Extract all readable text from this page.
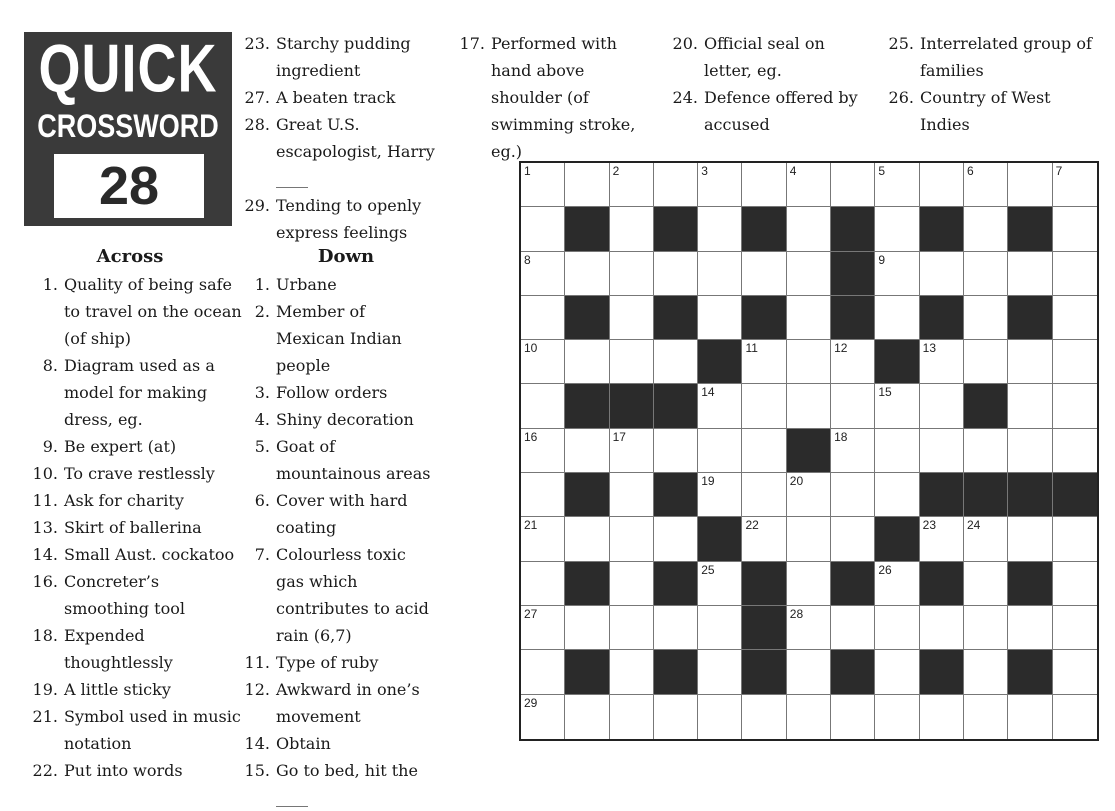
QUICK
CROSSWORD
28
Across	Down
1. Quality of being safe to travel on the ocean (of ship)
8. Diagram used as a model for making dress, eg.
9. Be expert (at)
10. To crave restlessly
11. Ask for charity
13. Skirt of ballerina
14. Small Aust. cockatoo
16. Concreter’s smoothing tool
18. Expended thoughtlessly
19. A little sticky
21. Symbol used in music notation
22. Put into words
23. Starchy pudding ingredient
27. A beaten track
28. Great U.S. escapologist, Harry
____
29. Tending to openly express feelings
1. Urbane
2. Member of Mexican Indian people
3. Follow orders
4. Shiny decoration
5. Goat of mountainous areas
6. Cover with hard coating
7. Colourless toxic gas which contributes to acid rain (6,7)
11. Type of ruby
12. Awkward in one’s movement
14. Obtain
15. Go to bed, hit the
____
17. Performed with hand above shoulder (of swimming stroke, eg.)
20. Official seal on letter, eg.
24. Defence offered by accused
25. Interrelated group of families
26. Country of West Indies
1	2	3	4	5	6	7
8	9
10	11	12	13
14	15
16	17	18
19	20
21	22	23	24
25	26
27	28
29
